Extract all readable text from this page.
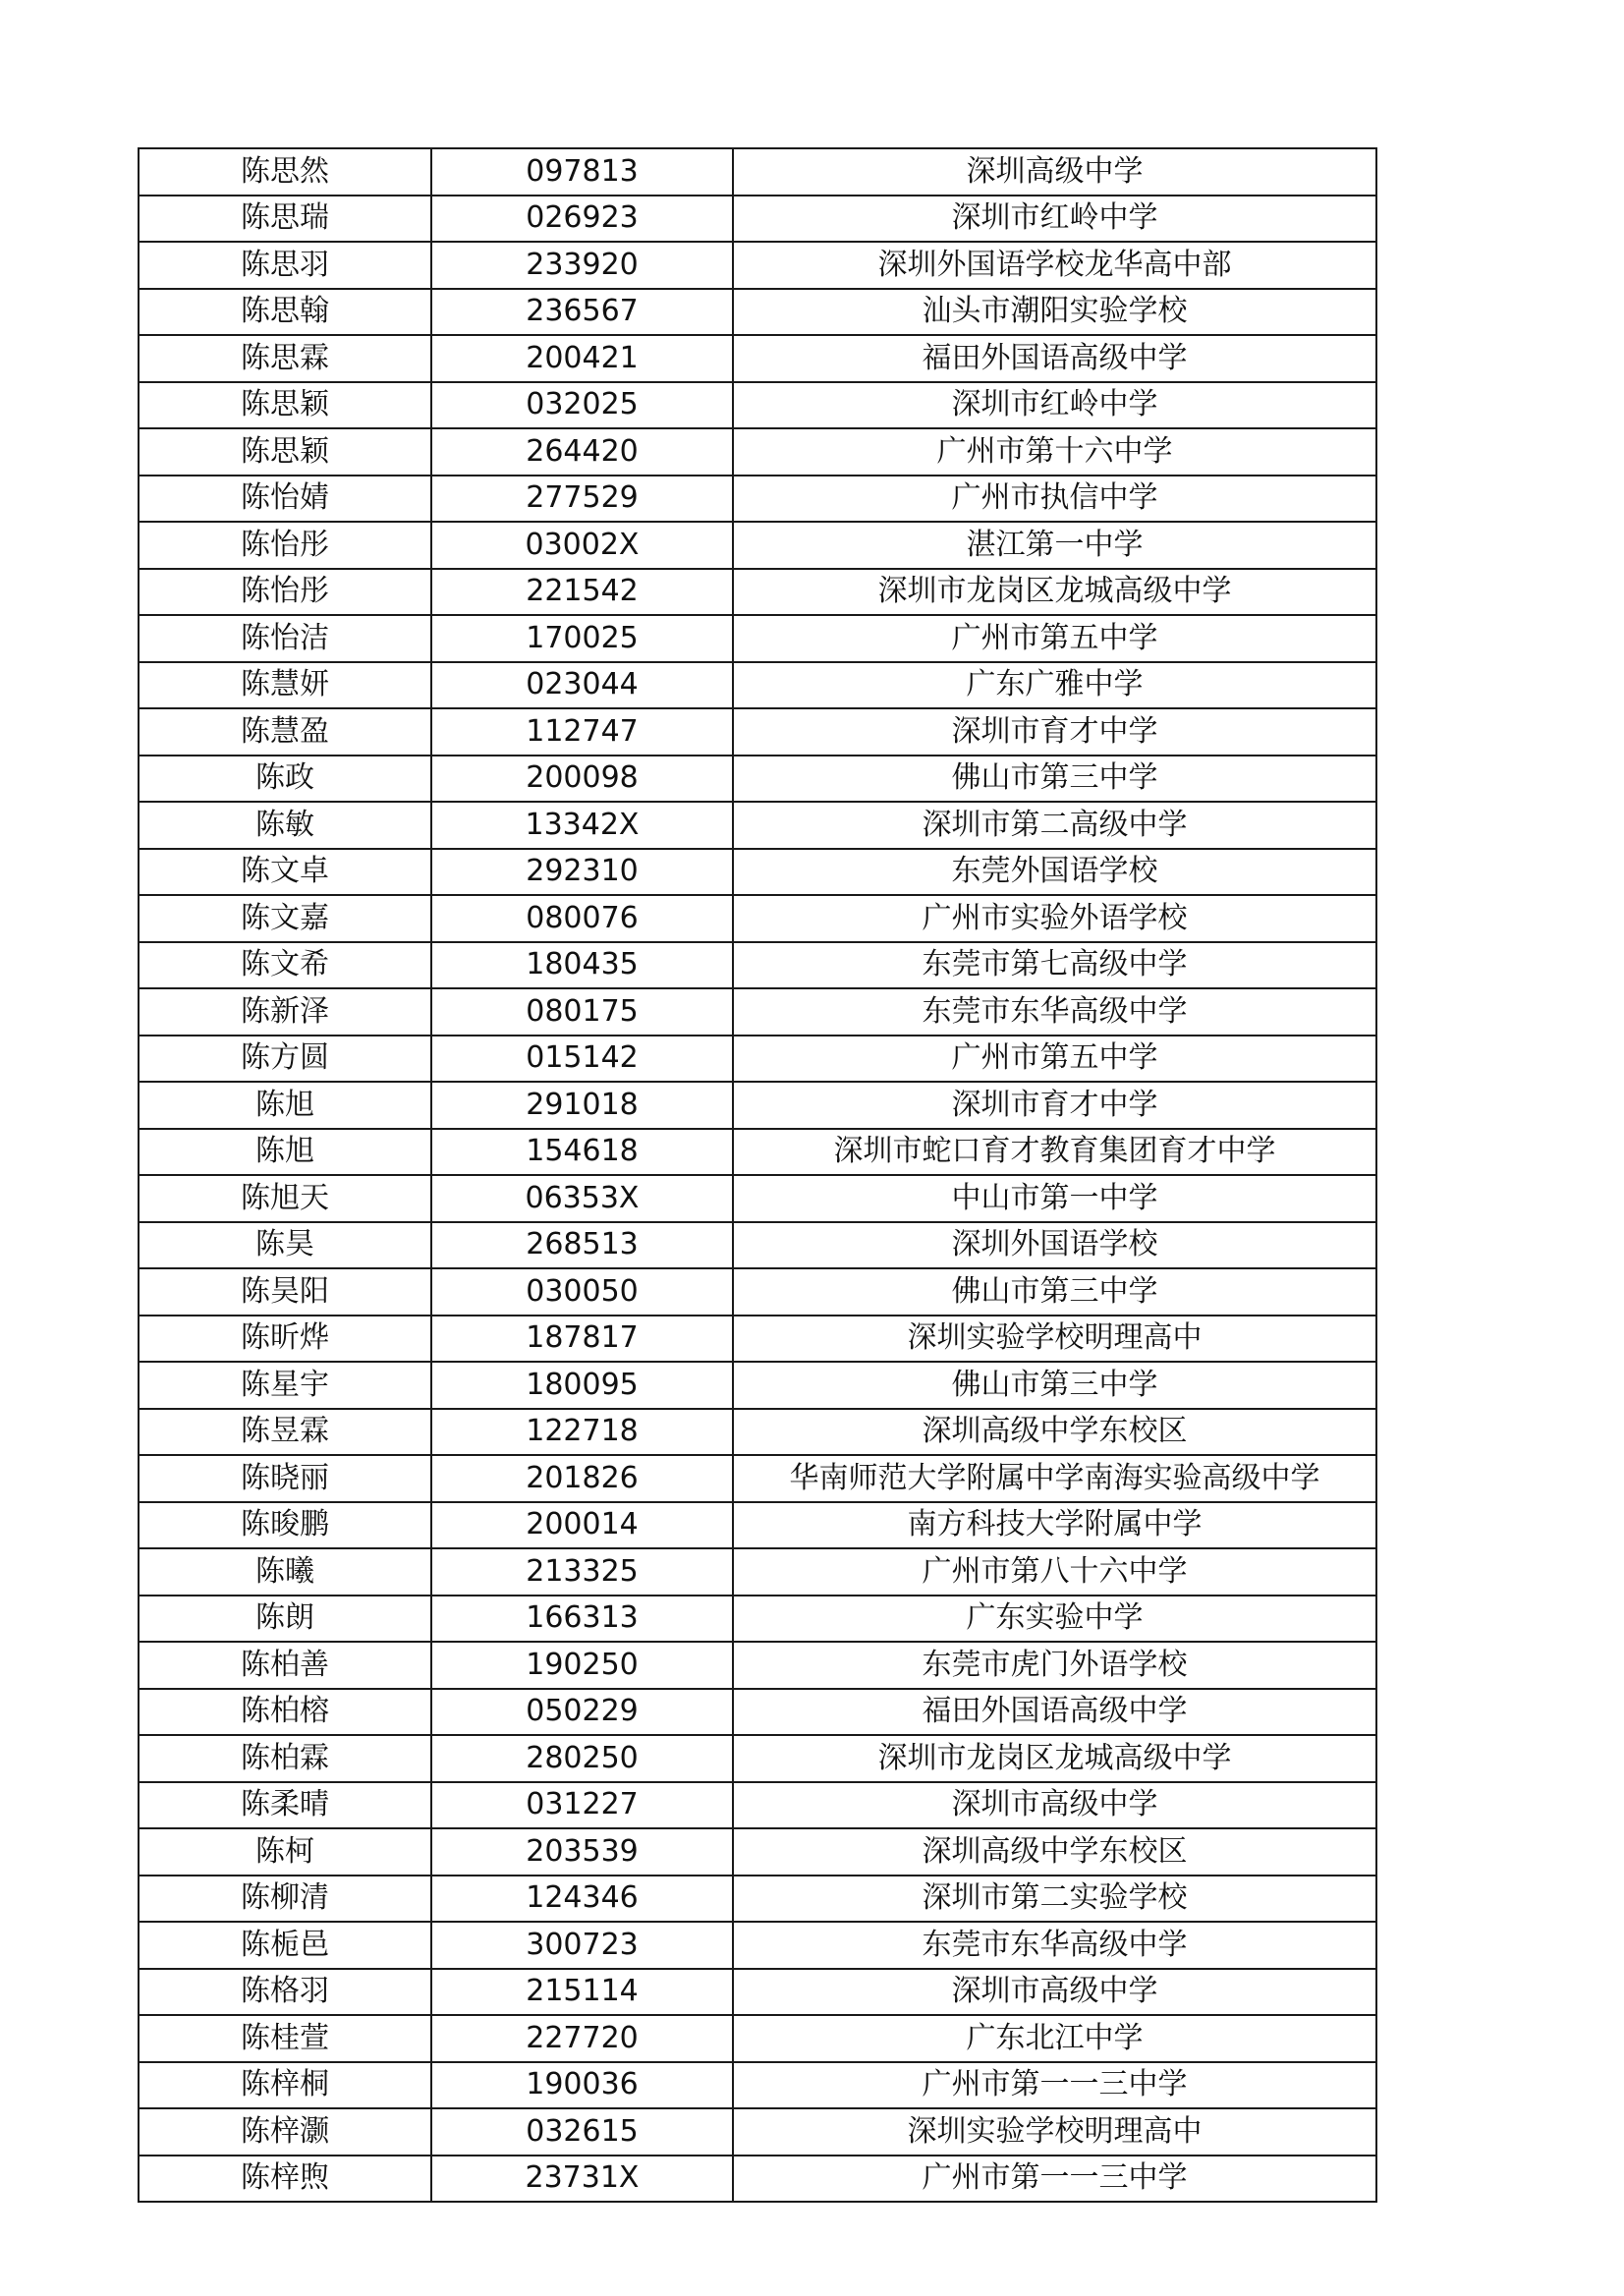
陈思然	097813	深圳高级中学
陈思瑞	026923	深圳市红岭中学
陈思羽	233920	深圳外国语学校龙华高中部
陈思翰	236567	汕头市潮阳实验学校
陈思霖	200421	福田外国语高级中学
陈思颖	032025	深圳市红岭中学
陈思颖	264420	广州市第十六中学
陈怡婧	277529	广州市执信中学
陈怡彤	03002X	湛江第一中学
陈怡彤	221542	深圳市龙岗区龙城高级中学
陈怡洁	170025	广州市第五中学
陈慧妍	023044	广东广雅中学
陈慧盈	112747	深圳市育才中学
陈政	200098	佛山市第三中学
陈敏	13342X	深圳市第二高级中学
陈文卓	292310	东莞外国语学校
陈文嘉	080076	广州市实验外语学校
陈文希	180435	东莞市第七高级中学
陈新泽	080175	东莞市东华高级中学
陈方圆	015142	广州市第五中学
陈旭	291018	深圳市育才中学
陈旭	154618	深圳市蛇口育才教育集团育才中学
陈旭天	06353X	中山市第一中学
陈昊	268513	深圳外国语学校
陈昊阳	030050	佛山市第三中学
陈昕烨	187817	深圳实验学校明理高中
陈星宇	180095	佛山市第三中学
陈昱霖	122718	深圳高级中学东校区
陈晓丽	201826	华南师范大学附属中学南海实验高级中学
陈晙鹏	200014	南方科技大学附属中学
陈曦	213325	广州市第八十六中学
陈朗	166313	广东实验中学
陈柏善	190250	东莞市虎门外语学校
陈柏榕	050229	福田外国语高级中学
陈柏霖	280250	深圳市龙岗区龙城高级中学
陈柔晴	031227	深圳市高级中学
陈柯	203539	深圳高级中学东校区
陈柳清	124346	深圳市第二实验学校
陈栀邑	300723	东莞市东华高级中学
陈格羽	215114	深圳市高级中学
陈桂萱	227720	广东北江中学
陈梓桐	190036	广州市第一一三中学
陈梓灏	032615	深圳实验学校明理高中
陈梓煦	23731X	广州市第一一三中学
